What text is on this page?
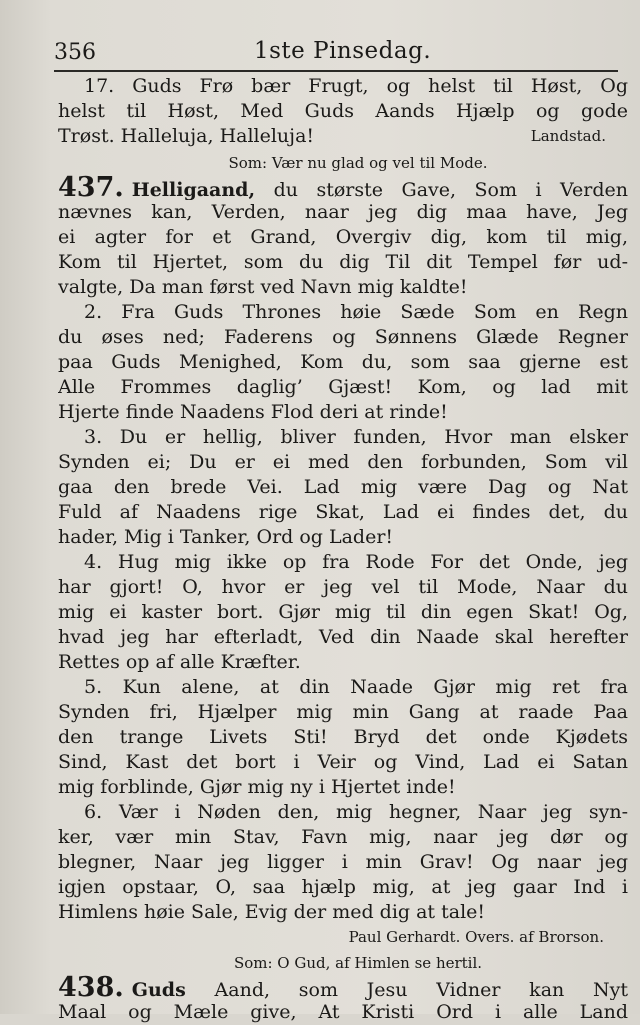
356	1ste Pinsedag.
17. Guds Frø bær Frugt, og helst til Høst, Og
helst til Høst, Med Guds Aands Hjælp og gode
Trøst. Halleluja, Halleluja!	Landstad.
Som: Vær nu glad og vel til Mode.
437. Helligaand, du største Gave, Som i Verden
nævnes kan, Verden, naar jeg dig maa have, Jeg
ei agter for et Grand, Overgiv dig, kom til mig,
Kom til Hjertet, som du dig Til dit Tempel før ud-
valgte, Da man først ved Navn mig kaldte!
2. Fra Guds Thrones høie Sæde Som en Regn
du øses ned; Faderens og Sønnens Glæde Regner
paa Guds Menighed, Kom du, som saa gjerne est
Alle Frommes daglig’ Gjæst! Kom, og lad mit
Hjerte finde Naadens Flod deri at rinde!
3. Du er hellig, bliver funden, Hvor man elsker
Synden ei; Du er ei med den forbunden, Som vil
gaa den brede Vei. Lad mig være Dag og Nat
Fuld af Naadens rige Skat, Lad ei findes det, du
hader, Mig i Tanker, Ord og Lader!
4. Hug mig ikke op fra Rode For det Onde, jeg
har gjort! O, hvor er jeg vel til Mode, Naar du
mig ei kaster bort. Gjør mig til din egen Skat! Og,
hvad jeg har efterladt, Ved din Naade skal herefter
Rettes op af alle Kræfter.
5. Kun alene, at din Naade Gjør mig ret fra
Synden fri, Hjælper mig min Gang at raade Paa
den trange Livets Sti! Bryd det onde Kjødets
Sind, Kast det bort i Veir og Vind, Lad ei Satan
mig forblinde, Gjør mig ny i Hjertet inde!
6. Vær i Nøden den, mig hegner, Naar jeg syn-
ker, vær min Stav, Favn mig, naar jeg dør og
blegner, Naar jeg ligger i min Grav! Og naar jeg
igjen opstaar, O, saa hjælp mig, at jeg gaar Ind i
Himlens høie Sale, Evig der med dig at tale!
Paul Gerhardt. Overs. af Brorson.
Som: O Gud, af Himlen se hertil.
438. Guds Aand, som Jesu Vidner kan Nyt
Maal og Mæle give, At Kristi Ord i alle Land
